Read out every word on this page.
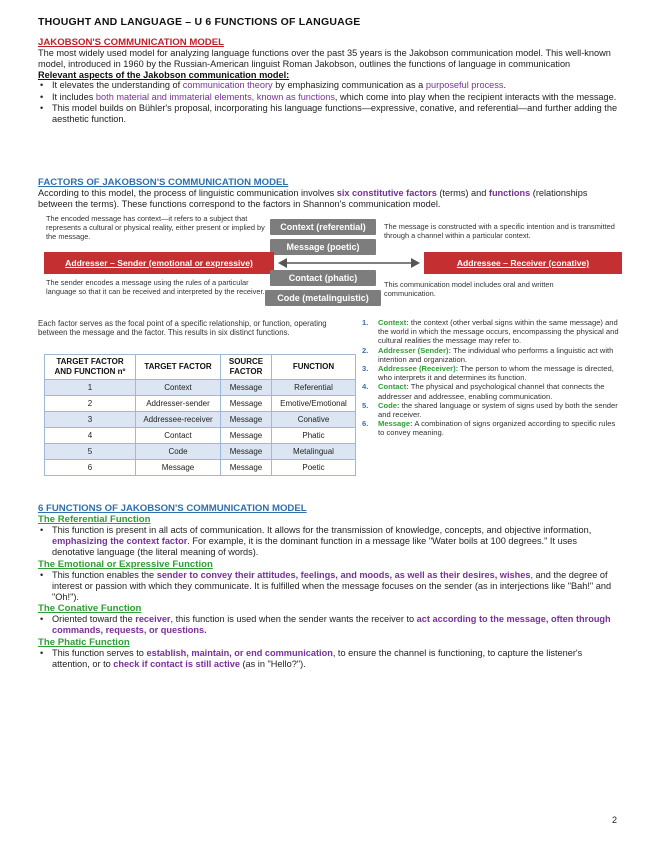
THOUGHT AND LANGUAGE – U 6 FUNCTIONS OF LANGUAGE
JAKOBSON'S COMMUNICATION MODEL
The most widely used model for analyzing language functions over the past 35 years is the Jakobson communication model. This well-known model, introduced in 1960 by the Russian-American linguist Roman Jakobson, outlines the functions of language in communication
Relevant aspects of the Jakobson communication model:
• It elevates the understanding of communication theory by emphasizing communication as a purposeful process.
• It includes both material and immaterial elements, known as functions, which come into play when the recipient interacts with the message.
• This model builds on Bühler's proposal, incorporating his language functions—expressive, conative, and referential—and further adding the aesthetic function.
FACTORS OF JAKOBSON'S COMMUNICATION MODEL
According to this model, the process of linguistic communication involves six constitutive factors (terms) and functions (relationships between the terms). These functions correspond to the factors in Shannon's communication model.
The encoded message has context—it refers to a subject that represents a cultural or physical reality, either present or implied by the message.
The message is constructed with a specific intention and is transmitted through a channel within a particular context.
Context (referential)
Message (poetic)
Addresser – Sender (emotional or expressive)	Addressee – Receiver (conative)
Contact (phatic)
Code (metalinguistic)
The sender encodes a message using the rules of a particular language so that it can be received and interpreted by the receiver.
This communication model includes oral and written communication.
Each factor serves as the focal point of a specific relationship, or function, operating between the message and the factor. This results in six distinct functions.
TARGET FACTOR AND FUNCTION nº	TARGET FACTOR	SOURCE FACTOR	FUNCTION
1	Context	Message	Referential
2	Addresser-sender	Message	Emotive/Emotional
3	Addressee-receiver	Message	Conative
4	Contact	Message	Phatic
5	Code	Message	Metalingual
6	Message	Message	Poetic
1. Context: the context (other verbal signs within the same message) and the world in which the message occurs, encompassing the physical and cultural realities the message may refer to.
2. Addresser (Sender): The individual who performs a linguistic act with intention and organization.
3. Addressee (Receiver): The person to whom the message is directed, who interprets it and determines its function.
4. Contact: The physical and psychological channel that connects the addresser and addressee, enabling communication.
5. Code: the shared language or system of signs used by both the sender and receiver.
6. Message: A combination of signs organized according to specific rules to convey meaning.
6 FUNCTIONS OF JAKOBSON'S COMMUNICATION MODEL
The Referential Function
• This function is present in all acts of communication. It allows for the transmission of knowledge, concepts, and objective information, emphasizing the context factor. For example, it is the dominant function in a message like "Water boils at 100 degrees." It uses denotative language (the literal meaning of words).
The Emotional or Expressive Function
• This function enables the sender to convey their attitudes, feelings, and moods, as well as their desires, wishes, and the degree of interest or passion with which they communicate. It is fulfilled when the message focuses on the sender (as in interjections like "Bah!" and "Oh!").
The Conative Function
• Oriented toward the receiver, this function is used when the sender wants the receiver to act according to the message, often through commands, requests, or questions.
The Phatic Function
• This function serves to establish, maintain, or end communication, to ensure the channel is functioning, to capture the listener's attention, or to check if contact is still active (as in "Hello?").
2
